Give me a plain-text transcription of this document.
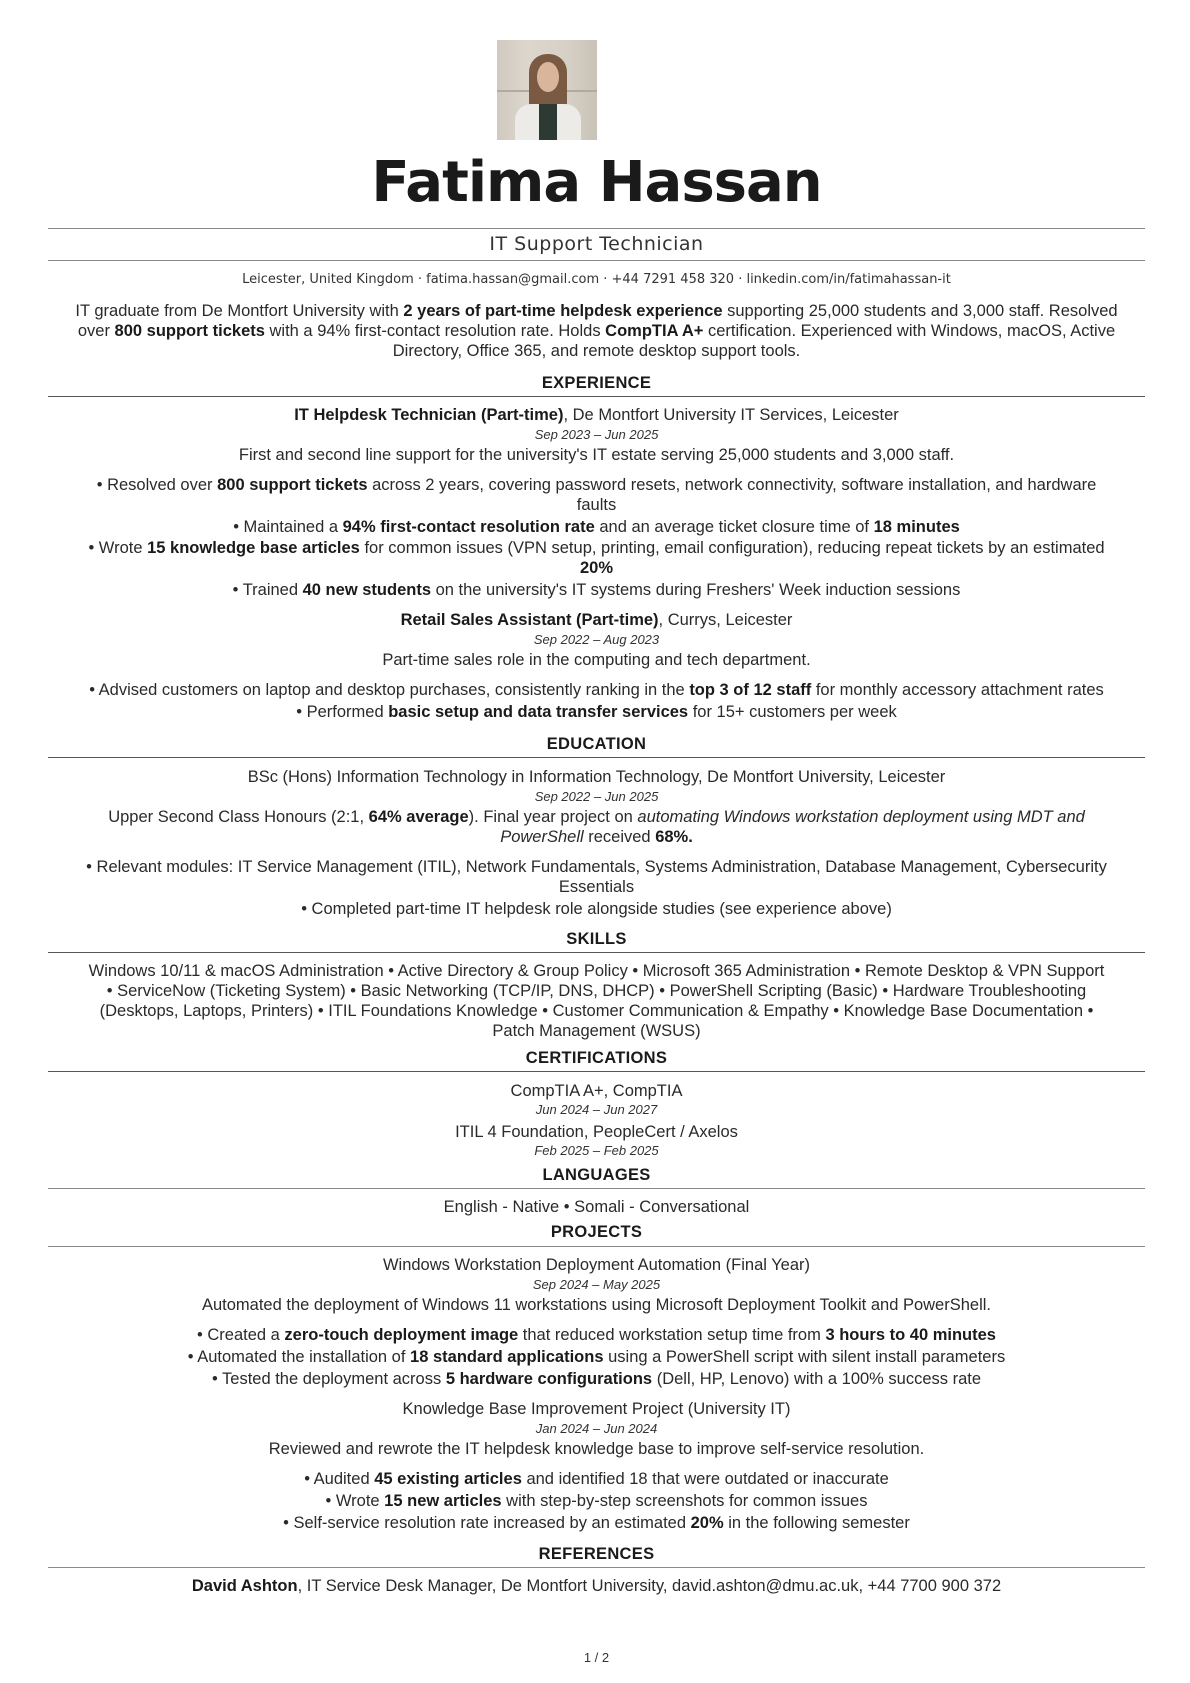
Fatima Hassan
IT Support Technician
Leicester, United Kingdom · fatima.hassan@gmail.com · +44 7291 458 320 · linkedin.com/in/fatimahassan-it
IT graduate from De Montfort University with 2 years of part-time helpdesk experience supporting 25,000 students and 3,000 staff. Resolved
over 800 support tickets with a 94% first-contact resolution rate. Holds CompTIA A+ certification. Experienced with Windows, macOS, Active
Directory, Office 365, and remote desktop support tools.
EXPERIENCE
IT Helpdesk Technician (Part-time), De Montfort University IT Services, Leicester
Sep 2023 – Jun 2025
First and second line support for the university's IT estate serving 25,000 students and 3,000 staff.
• Resolved over 800 support tickets across 2 years, covering password resets, network connectivity, software installation, and hardware
faults
• Maintained a 94% first-contact resolution rate and an average ticket closure time of 18 minutes
• Wrote 15 knowledge base articles for common issues (VPN setup, printing, email configuration), reducing repeat tickets by an estimated
20%
• Trained 40 new students on the university's IT systems during Freshers' Week induction sessions
Retail Sales Assistant (Part-time), Currys, Leicester
Sep 2022 – Aug 2023
Part-time sales role in the computing and tech department.
• Advised customers on laptop and desktop purchases, consistently ranking in the top 3 of 12 staff for monthly accessory attachment rates
• Performed basic setup and data transfer services for 15+ customers per week
EDUCATION
BSc (Hons) Information Technology in Information Technology, De Montfort University, Leicester
Sep 2022 – Jun 2025
Upper Second Class Honours (2:1, 64% average). Final year project on automating Windows workstation deployment using MDT and
PowerShell received 68%.
• Relevant modules: IT Service Management (ITIL), Network Fundamentals, Systems Administration, Database Management, Cybersecurity
Essentials
• Completed part-time IT helpdesk role alongside studies (see experience above)
SKILLS
Windows 10/11 & macOS Administration • Active Directory & Group Policy • Microsoft 365 Administration • Remote Desktop & VPN Support
• ServiceNow (Ticketing System) • Basic Networking (TCP/IP, DNS, DHCP) • PowerShell Scripting (Basic) • Hardware Troubleshooting
(Desktops, Laptops, Printers) • ITIL Foundations Knowledge • Customer Communication & Empathy • Knowledge Base Documentation •
Patch Management (WSUS)
CERTIFICATIONS
CompTIA A+, CompTIA
Jun 2024 – Jun 2027
ITIL 4 Foundation, PeopleCert / Axelos
Feb 2025 – Feb 2025
LANGUAGES
English - Native • Somali - Conversational
PROJECTS
Windows Workstation Deployment Automation (Final Year)
Sep 2024 – May 2025
Automated the deployment of Windows 11 workstations using Microsoft Deployment Toolkit and PowerShell.
• Created a zero-touch deployment image that reduced workstation setup time from 3 hours to 40 minutes
• Automated the installation of 18 standard applications using a PowerShell script with silent install parameters
• Tested the deployment across 5 hardware configurations (Dell, HP, Lenovo) with a 100% success rate
Knowledge Base Improvement Project (University IT)
Jan 2024 – Jun 2024
Reviewed and rewrote the IT helpdesk knowledge base to improve self-service resolution.
• Audited 45 existing articles and identified 18 that were outdated or inaccurate
• Wrote 15 new articles with step-by-step screenshots for common issues
• Self-service resolution rate increased by an estimated 20% in the following semester
REFERENCES
David Ashton, IT Service Desk Manager, De Montfort University, david.ashton@dmu.ac.uk, +44 7700 900 372
1 / 2
